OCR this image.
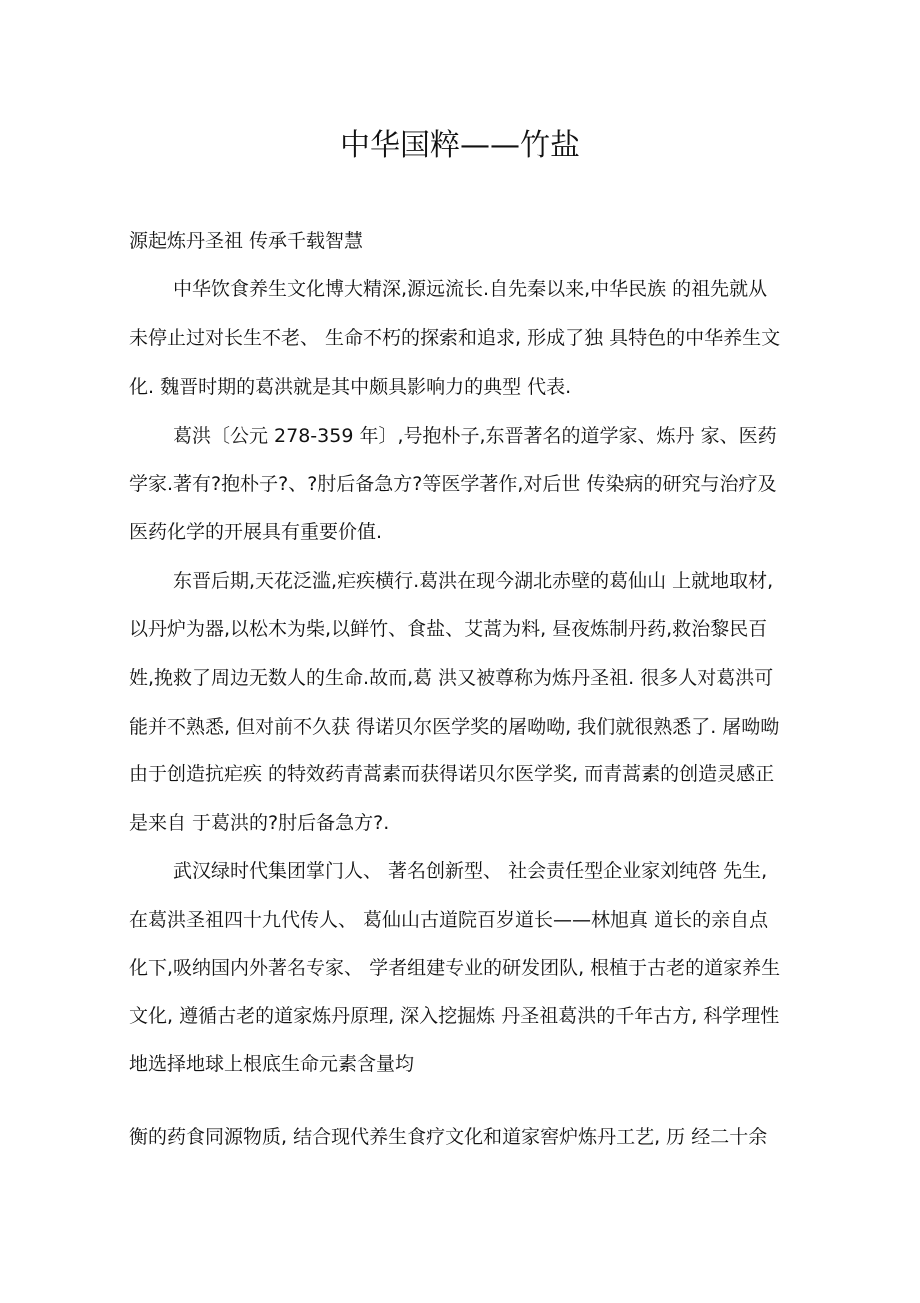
中华国粹——竹盐

源起炼丹圣祖 传承千载智慧

中华饮食养生文化博大精深,源远流长.自先秦以来,中华民族 的祖先就从

未停止过对长生不老、 生命不朽的探索和追求, 形成了独 具特色的中华养生文

化. 魏晋时期的葛洪就是其中颇具影响力的典型 代表.

葛洪〔公元 278-359 年〕,号抱朴子,东晋著名的道学家、炼丹 家、医药

学家.著有?抱朴子?、?肘后备急方?等医学著作,对后世 传染病的研究与治疗及

医药化学的开展具有重要价值.

东晋后期,天花泛滥,疟疾横行.葛洪在现今湖北赤壁的葛仙山 上就地取材,

以丹炉为器,以松木为柴,以鲜竹、食盐、艾蒿为料, 昼夜炼制丹药,救治黎民百

姓,挽救了周边无数人的生命.故而,葛 洪又被尊称为炼丹圣祖. 很多人对葛洪可

能并不熟悉, 但对前不久获 得诺贝尔医学奖的屠呦呦, 我们就很熟悉了. 屠呦呦

由于创造抗疟疾 的特效药青蒿素而获得诺贝尔医学奖, 而青蒿素的创造灵感正

是来自 于葛洪的?肘后备急方?.

武汉绿时代集团掌门人、 著名创新型、 社会责任型企业家刘纯啓 先生,

在葛洪圣祖四十九代传人、 葛仙山古道院百岁道长——林旭真 道长的亲自点

化下,吸纳国内外著名专家、 学者组建专业的研发团队, 根植于古老的道家养生

文化, 遵循古老的道家炼丹原理, 深入挖掘炼 丹圣祖葛洪的千年古方, 科学理性

地选择地球上根底生命元素含量均

衡的药食同源物质, 结合现代养生食疗文化和道家窖炉炼丹工艺, 历 经二十余
